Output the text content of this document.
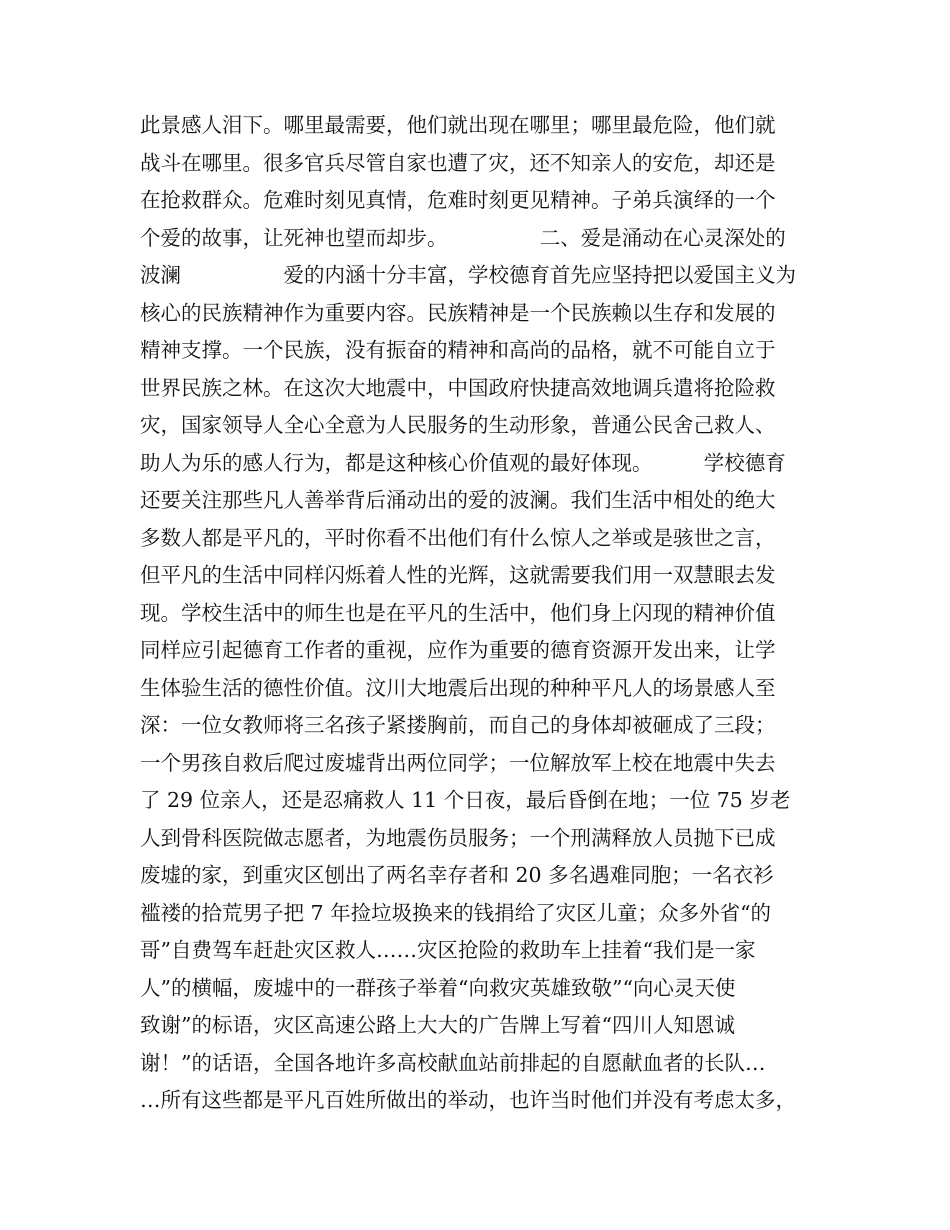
此景感人泪下。哪里最需要，他们就出现在哪里；哪里最危险，他们就
战斗在哪里。很多官兵尽管自家也遭了灾，还不知亲人的安危，却还是
在抢救群众。危难时刻见真情，危难时刻更见精神。子弟兵演绎的一个
个爱的故事，让死神也望而却步。　　　　　二、爱是涌动在心灵深处的
波澜　　　　　爱的内涵十分丰富，学校德育首先应坚持把以爱国主义为
核心的民族精神作为重要内容。民族精神是一个民族赖以生存和发展的
精神支撑。一个民族，没有振奋的精神和高尚的品格，就不可能自立于
世界民族之林。在这次大地震中，中国政府快捷高效地调兵遣将抢险救
灾，国家领导人全心全意为人民服务的生动形象，普通公民舍己救人、
助人为乐的感人行为，都是这种核心价值观的最好体现。　　　学校德育
还要关注那些凡人善举背后涌动出的爱的波澜。我们生活中相处的绝大
多数人都是平凡的，平时你看不出他们有什么惊人之举或是骇世之言，
但平凡的生活中同样闪烁着人性的光辉，这就需要我们用一双慧眼去发
现。学校生活中的师生也是在平凡的生活中，他们身上闪现的精神价值
同样应引起德育工作者的重视，应作为重要的德育资源开发出来，让学
生体验生活的德性价值。汶川大地震后出现的种种平凡人的场景感人至
深：一位女教师将三名孩子紧搂胸前，而自己的身体却被砸成了三段；
一个男孩自救后爬过废墟背出两位同学；一位解放军上校在地震中失去
了 29 位亲人，还是忍痛救人 11 个日夜，最后昏倒在地；一位 75 岁老
人到骨科医院做志愿者，为地震伤员服务；一个刑满释放人员抛下已成
废墟的家，到重灾区刨出了两名幸存者和 20 多名遇难同胞；一名衣衫
褴褛的拾荒男子把 7 年捡垃圾换来的钱捐给了灾区儿童；众多外省“的
哥”自费驾车赶赴灾区救人……灾区抢险的救助车上挂着“我们是一家
人”的横幅，废墟中的一群孩子举着“向救灾英雄致敬”“向心灵天使
致谢”的标语，灾区高速公路上大大的广告牌上写着“四川人知恩诚
谢！”的话语，全国各地许多高校献血站前排起的自愿献血者的长队…
…所有这些都是平凡百姓所做出的举动，也许当时他们并没有考虑太多，
